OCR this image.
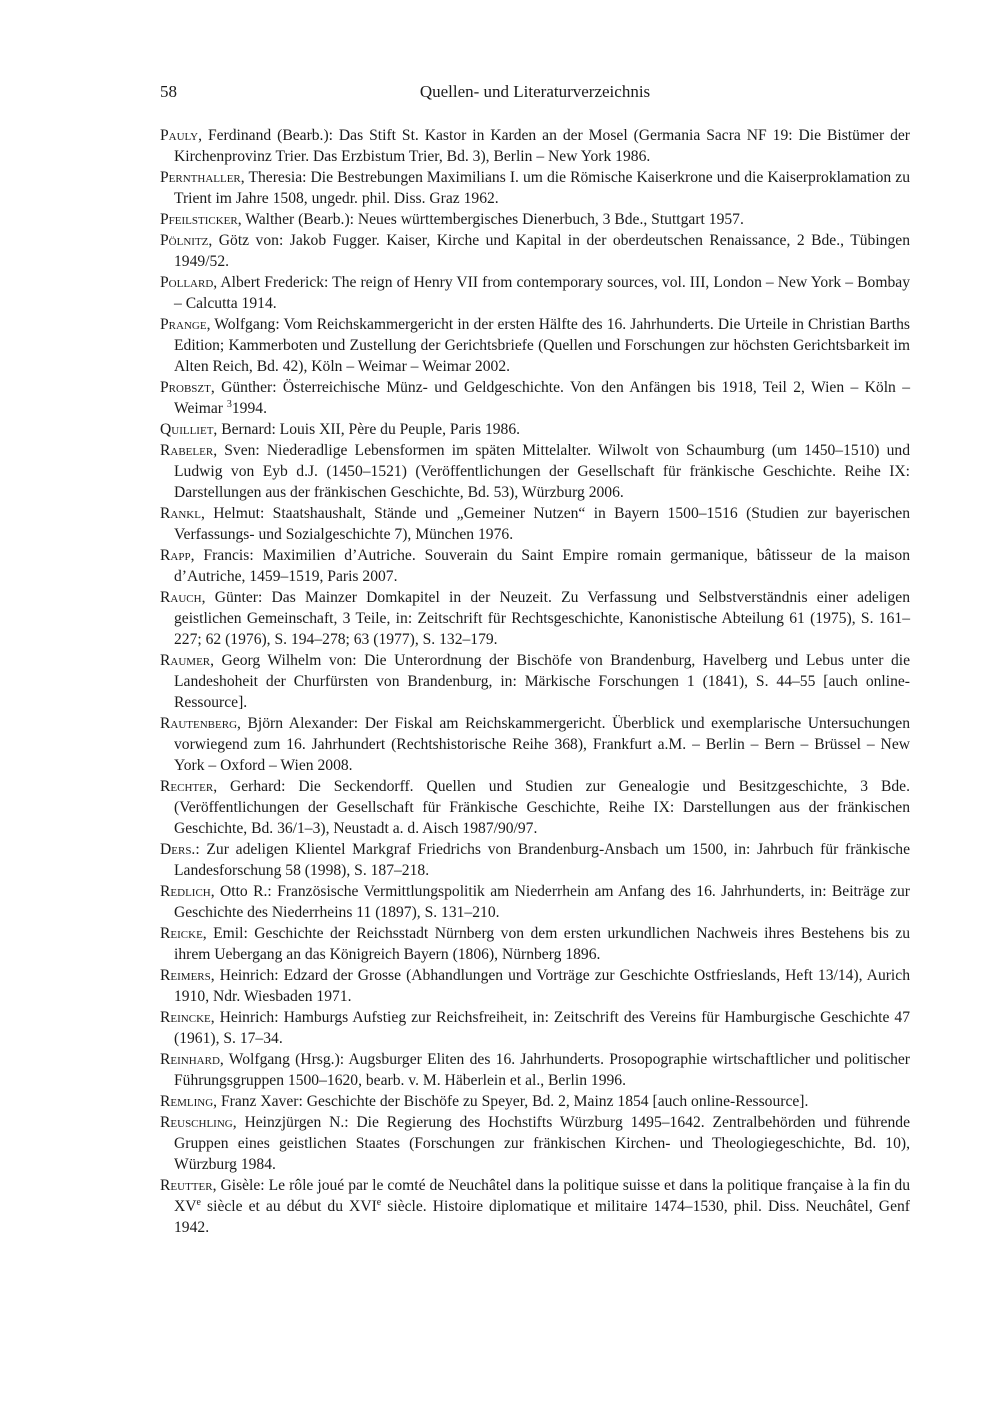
58	Quellen- und Literaturverzeichnis
Pauly, Ferdinand (Bearb.): Das Stift St. Kastor in Karden an der Mosel (Germania Sacra NF 19: Die Bistümer der Kirchenprovinz Trier. Das Erzbistum Trier, Bd. 3), Berlin – New York 1986.
Pernthaller, Theresia: Die Bestrebungen Maximilians I. um die Römische Kaiserkrone und die Kaiserproklamation zu Trient im Jahre 1508, ungedr. phil. Diss. Graz 1962.
Pfeilsticker, Walther (Bearb.): Neues württembergisches Dienerbuch, 3 Bde., Stuttgart 1957.
Pölnitz, Götz von: Jakob Fugger. Kaiser, Kirche und Kapital in der oberdeutschen Renaissance, 2 Bde., Tübingen 1949/52.
Pollard, Albert Frederick: The reign of Henry VII from contemporary sources, vol. III, London – New York – Bombay – Calcutta 1914.
Prange, Wolfgang: Vom Reichskammergericht in der ersten Hälfte des 16. Jahrhunderts. Die Urteile in Christian Barths Edition; Kammerboten und Zustellung der Gerichtsbriefe (Quellen und Forschungen zur höchsten Gerichtsbarkeit im Alten Reich, Bd. 42), Köln – Weimar – Weimar 2002.
Probszt, Günther: Österreichische Münz- und Geldgeschichte. Von den Anfängen bis 1918, Teil 2, Wien – Köln – Weimar $^3$1994.
Quilliet, Bernard: Louis XII, Père du Peuple, Paris 1986.
Rabeler, Sven: Niederadlige Lebensformen im späten Mittelalter. Wilwolt von Schaumburg (um 1450–1510) und Ludwig von Eyb d.J. (1450–1521) (Veröffentlichungen der Gesellschaft für fränkische Geschichte. Reihe IX: Darstellungen aus der fränkischen Geschichte, Bd. 53), Würzburg 2006.
Rankl, Helmut: Staatshaushalt, Stände und „Gemeiner Nutzen“ in Bayern 1500–1516 (Studien zur bayerischen Verfassungs- und Sozialgeschichte 7), München 1976.
Rapp, Francis: Maximilien d’Autriche. Souverain du Saint Empire romain germanique, bâtisseur de la maison d’Autriche, 1459–1519, Paris 2007.
Rauch, Günter: Das Mainzer Domkapitel in der Neuzeit. Zu Verfassung und Selbstverständnis einer adeligen geistlichen Gemeinschaft, 3 Teile, in: Zeitschrift für Rechtsgeschichte, Kanonistische Abteilung 61 (1975), S. 161–227; 62 (1976), S. 194–278; 63 (1977), S. 132–179.
Raumer, Georg Wilhelm von: Die Unterordnung der Bischöfe von Brandenburg, Havelberg und Lebus unter die Landeshoheit der Churfürsten von Brandenburg, in: Märkische Forschungen 1 (1841), S. 44–55 [auch online-Ressource].
Rautenberg, Björn Alexander: Der Fiskal am Reichskammergericht. Überblick und exemplarische Untersuchungen vorwiegend zum 16. Jahrhundert (Rechtshistorische Reihe 368), Frankfurt a.M. – Berlin – Bern – Brüssel – New York – Oxford – Wien 2008.
Rechter, Gerhard: Die Seckendorff. Quellen und Studien zur Genealogie und Besitzgeschichte, 3 Bde. (Veröffentlichungen der Gesellschaft für Fränkische Geschichte, Reihe IX: Darstellungen aus der fränkischen Geschichte, Bd. 36/1–3), Neustadt a. d. Aisch 1987/90/97.
Ders.: Zur adeligen Klientel Markgraf Friedrichs von Brandenburg-Ansbach um 1500, in: Jahrbuch für fränkische Landesforschung 58 (1998), S. 187–218.
Redlich, Otto R.: Französische Vermittlungspolitik am Niederrhein am Anfang des 16. Jahrhunderts, in: Beiträge zur Geschichte des Niederrheins 11 (1897), S. 131–210.
Reicke, Emil: Geschichte der Reichsstadt Nürnberg von dem ersten urkundlichen Nachweis ihres Bestehens bis zu ihrem Uebergang an das Königreich Bayern (1806), Nürnberg 1896.
Reimers, Heinrich: Edzard der Grosse (Abhandlungen und Vorträge zur Geschichte Ostfrieslands, Heft 13/14), Aurich 1910, Ndr. Wiesbaden 1971.
Reincke, Heinrich: Hamburgs Aufstieg zur Reichsfreiheit, in: Zeitschrift des Vereins für Hamburgische Geschichte 47 (1961), S. 17–34.
Reinhard, Wolfgang (Hrsg.): Augsburger Eliten des 16. Jahrhunderts. Prosopographie wirtschaftlicher und politischer Führungsgruppen 1500–1620, bearb. v. M. Häberlein et al., Berlin 1996.
Remling, Franz Xaver: Geschichte der Bischöfe zu Speyer, Bd. 2, Mainz 1854 [auch online-Ressource].
Reuschling, Heinzjürgen N.: Die Regierung des Hochstifts Würzburg 1495–1642. Zentralbehörden und führende Gruppen eines geistlichen Staates (Forschungen zur fränkischen Kirchen- und Theologiegeschichte, Bd. 10), Würzburg 1984.
Reutter, Gisèle: Le rôle joué par le comté de Neuchâtel dans la politique suisse et dans la politique française à la fin du XVe siècle et au début du XVIe siècle. Histoire diplomatique et militaire 1474–1530, phil. Diss. Neuchâtel, Genf 1942.
